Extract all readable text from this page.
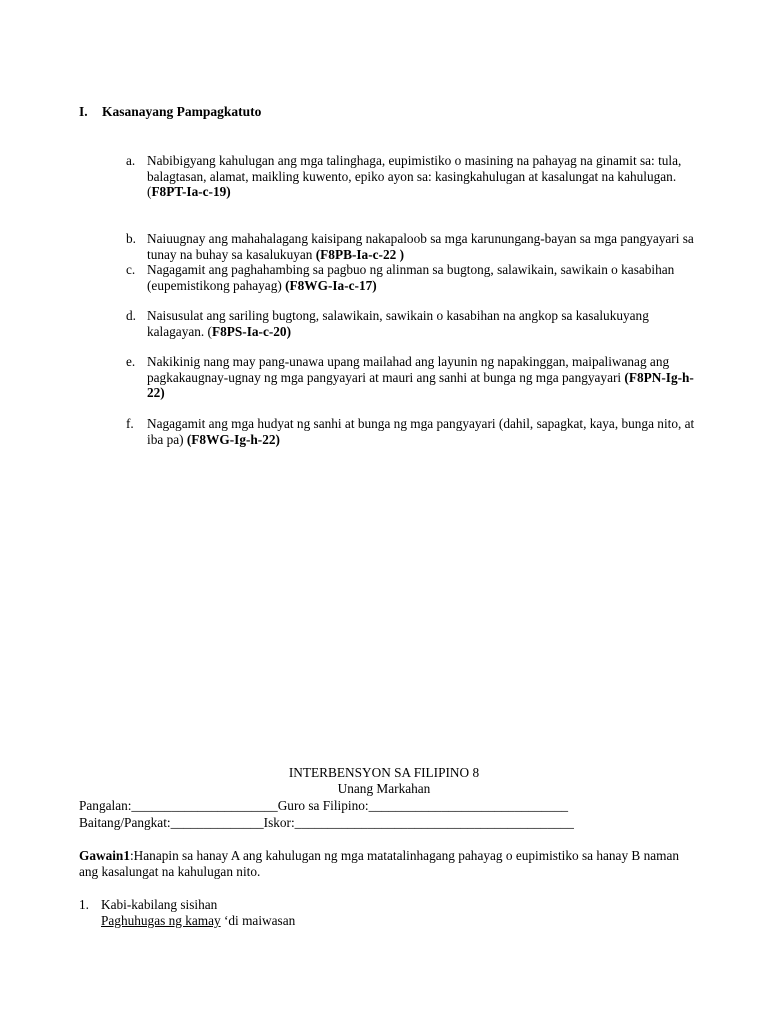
I. Kasanayang Pampagkatuto
a. Nabibigyang kahulugan ang mga talinghaga, eupimistiko o masining na pahayag na ginamit sa: tula, balagtasan, alamat, maikling kuwento, epiko ayon sa: kasingkahulugan at kasalungat na kahulugan. (F8PT-Ia-c-19)
b. Naiuugnay ang mahahalagang kaisipang nakapaloob sa mga karunungang-bayan sa mga pangyayari sa tunay na buhay sa kasalukuyan (F8PB-Ia-c-22 )
c. Nagagamit ang paghahambing sa pagbuo ng alinman sa bugtong, salawikain, sawikain o kasabihan (eupemistikong pahayag) (F8WG-Ia-c-17)
d. Naisusulat ang sariling bugtong, salawikain, sawikain o kasabihan na angkop sa kasalukuyang kalagayan. (F8PS-Ia-c-20)
e. Nakikinig nang may pang-unawa upang mailahad ang layunin ng napakinggan, maipaliwanag ang pagkakaugnay-ugnay ng mga pangyayari at mauri ang sanhi at bunga ng mga pangyayari (F8PN-Ig-h-22)
f. Nagagamit ang mga hudyat ng sanhi at bunga ng mga pangyayari (dahil, sapagkat, kaya, bunga nito, at iba pa) (F8WG-Ig-h-22)
INTERBENSYON SA FILIPINO 8
Unang Markahan
Pangalan:______________________Guro sa Filipino:______________________________
Baitang/Pangkat:______________Iskor:__________________________________________
Gawain1:Hanapin sa hanay A ang kahulugan ng mga matatalinhagang pahayag o eupimistiko sa hanay B naman ang kasalungat na kahulugan nito.
1. Kabi-kabilang sisihan
Paghuhugas ng kamay ‘di maiwasan
